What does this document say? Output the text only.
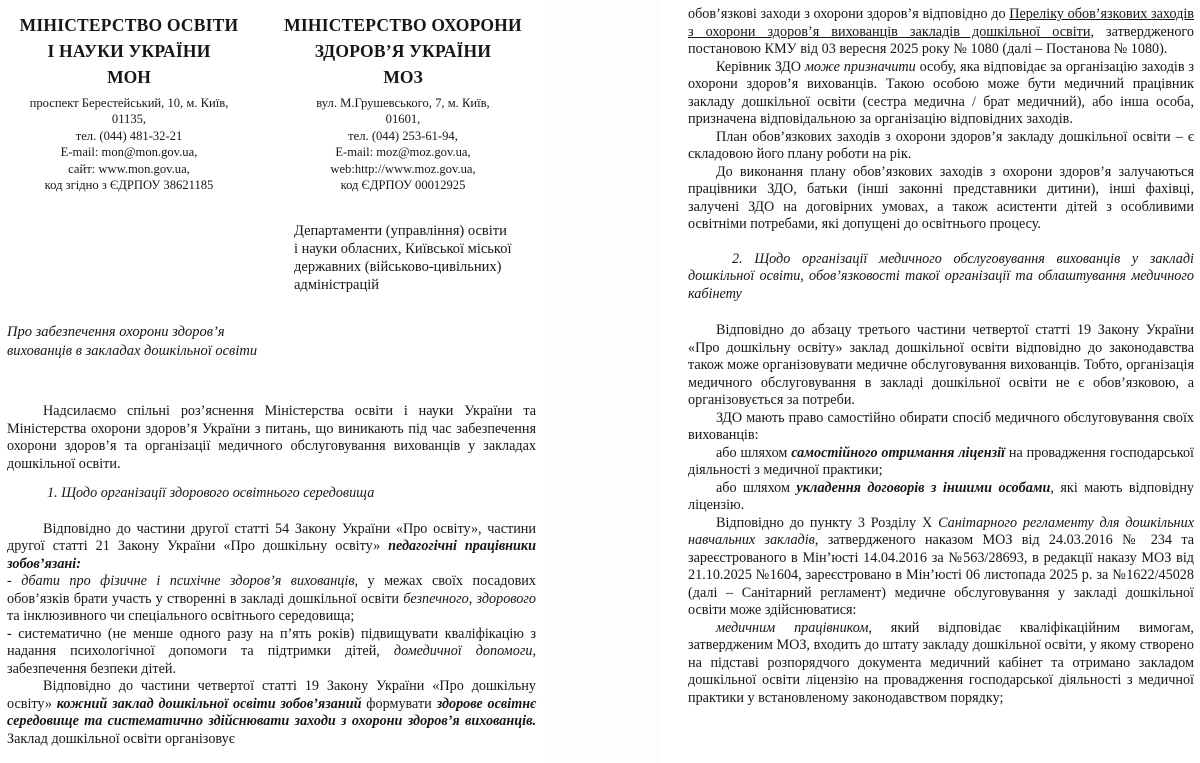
МІНІСТЕРСТВО ОСВІТИ
І НАУКИ УКРАЇНИ
МОН
проспект Берестейський, 10, м. Київ,
01135,
тел. (044) 481-32-21
E-mail: mon@mon.gov.ua,
сайт: www.mon.gov.ua,
код згідно з ЄДРПОУ 38621185
МІНІСТЕРСТВО ОХОРОНИ
ЗДОРОВ’Я УКРАЇНИ
МОЗ
вул. М.Грушевського, 7, м. Київ,
01601,
тел. (044) 253-61-94,
E-mail: moz@moz.gov.ua,
web:http://www.moz.gov.ua,
код ЄДРПОУ 00012925
Департаменти (управління) освіти
і науки обласних, Київської міської
державних (військово-цивільних)
адміністрацій
Про забезпечення охорони здоров’я
вихованців в закладах дошкільної освіти

Надсилаємо спільні роз’яснення Міністерства освіти і науки України та Міністерства охорони здоров’я України з питань, що виникають під час забезпечення охорони здоров’я та організації медичного обслуговування вихованців у закладах дошкільної освіти.

1. Щодо організації здорового освітнього середовища

Відповідно до частини другої статті 54 Закону України «Про освіту», частини другої статті 21 Закону України «Про дошкільну освіту» педагогічні працівники зобов’язані:

- дбати про фізичне і психічне здоров’я вихованців, у межах своїх посадових обов’язків брати участь у створенні в закладі дошкільної освіти безпечного, здорового та інклюзивного чи спеціального освітнього середовища;

- систематично (не менше одного разу на п’ять років) підвищувати кваліфікацію з надання психологічної допомоги та підтримки дітей, домедичної допомоги, забезпечення безпеки дітей.

Відповідно до частини четвертої статті 19 Закону України «Про дошкільну освіту» кожний заклад дошкільної освіти зобов’язаний формувати здорове освітнє середовище та систематично здійснювати заходи з охорони здоров’я вихованців. Заклад дошкільної освіти організовує

обов’язкові заходи з охорони здоров’я відповідно до Переліку обов’язкових заходів з охорони здоров’я вихованців закладів дошкільної освіти, затвердженого постановою КМУ від 03 вересня 2025 року № 1080 (далі – Постанова № 1080).

Керівник ЗДО може призначити особу, яка відповідає за організацію заходів з охорони здоров’я вихованців. Такою особою може бути медичний працівник закладу дошкільної освіти (сестра медична / брат медичний), або інша особа, призначена відповідальною за організацію відповідних заходів.

План обов’язкових заходів з охорони здоров’я закладу дошкільної освіти – є складовою його плану роботи на рік.

До виконання плану обов’язкових заходів з охорони здоров’я залучаються працівники ЗДО, батьки (інші законні представники дитини), інші фахівці, залучені ЗДО на договірних умовах, а також асистенти дітей з особливими освітніми потребами, які допущені до освітнього процесу.

2. Щодо організації медичного обслуговування вихованців у закладі дошкільної освіти, обов’язковості такої організації та облаштування медичного кабінету

Відповідно до абзацу третього частини четвертої статті 19 Закону України «Про дошкільну освіту» заклад дошкільної освіти відповідно до законодавства також може організовувати медичне обслуговування вихованців. Тобто, організація медичного обслуговування в закладі дошкільної освіти не є обов’язковою, а організовується за потреби.

ЗДО мають право самостійно обирати спосіб медичного обслуговування своїх вихованців:

або шляхом самостійного отримання ліцензії на провадження господарської діяльності з медичної практики;

або шляхом укладення договорів з іншими особами, які мають відповідну ліцензію.

Відповідно до пункту 3 Розділу X Санітарного регламенту для дошкільних навчальних закладів, затвердженого наказом МОЗ від 24.03.2016 № 234 та зареєстрованого в Мін’юсті 14.04.2016 за №563/28693, в редакції наказу МОЗ від 21.10.2025 №1604, зареєстровано в Мін’юсті 06 листопада 2025 р. за №1622/45028 (далі – Санітарний регламент) медичне обслуговування у закладі дошкільної освіти може здійснюватися:

медичним працівником, який відповідає кваліфікаційним вимогам, затвердженим МОЗ, входить до штату закладу дошкільної освіти, у якому створено на підставі розпорядчого документа медичний кабінет та отримано закладом дошкільної освіти ліцензію на провадження господарської діяльності з медичної практики у встановленому законодавством порядку;
